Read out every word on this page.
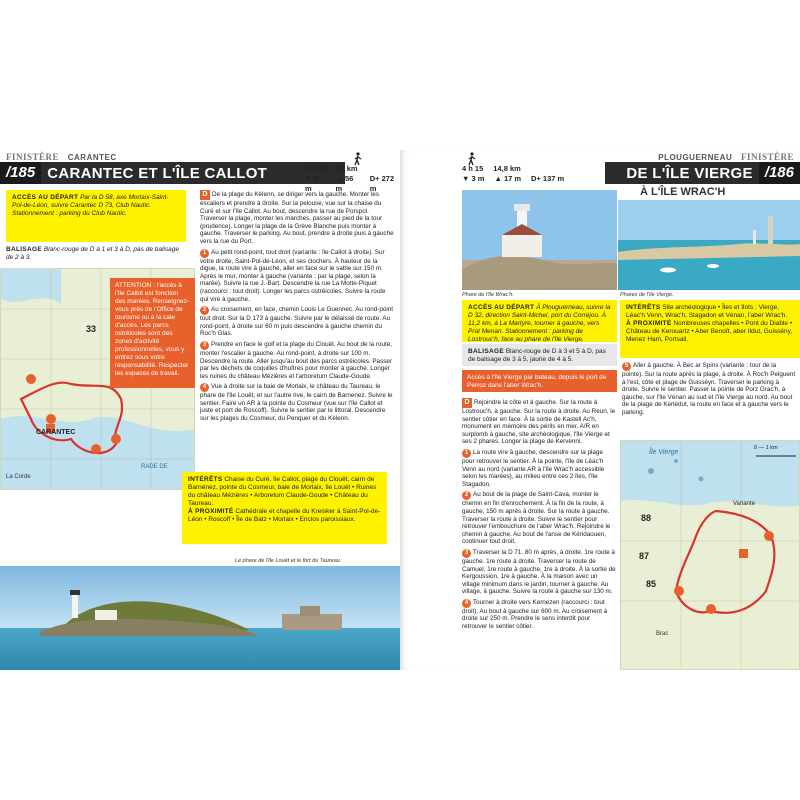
FINISTÈRE CARANTEC
/185 CARANTEC ET L'ÎLE CALLOT	3 h 45 12 km
▼ 3 m
▲ 56 m
D+ 272 m
ACCÈS AU DÉPART Par la D 58, axe Morlaix-Saint-Pol-de-Léon, suivre Carantec D 73, Club Nautic. Stationnement : parking du Club Nautic.
BALISAGE Blanc-rouge de D à 1 et 3 à D, pas de balisage de 2 à 3.
CARANTEC
33
RADE DE
La Corde
ATTENTION : l'accès à l'île Callot est fonction des marées. Renseignez-vous près de l'Office de tourisme ou à la cale d'accès. Les parcs ostréicoles sont des zones d'activité professionnelles, vous y entrez sous votre responsabilité. Respecter les espaces de travail.

D De la plage du Kélenn, se diriger vers la gauche. Monter les escaliers et prendre à droite. Sur la pelouse, vue sur la chaise du Curé et sur l'île Callot. Au bout, descendre la rue de Porspol. Traverser la plage, monter les marches, passer au pied de la tour (prudence). Longer la plage de la Grève Blanche puis monter à gauche. Traverser le parking. Au bout, prendre à droite puis à gauche vers la rue du Port.

1 Au petit rond-point, tout droit (variante : île Callot à droite). Sur votre droite, Saint-Pol-de-Léon, et ses clochers. À hauteur de la digue, la route vire à gauche, aller en face sur le sable sur 150 m. Après le mur, monter à gauche (variante : par la plage, selon la marée). Suivre la rue J.-Bart. Descendre la rue La Motte-Piquet (raccourci : tout droit). Longer les parcs ostréicoles. Suivre la route qui vire à gauche.

2 Au croisement, en face, chemin Louis Le Guennec. Au rond-point tout droit. Sur la D 173 à gauche. Suivre par le délaissé de route. Au rond-point, à droite sur 60 m puis descendre à gauche chemin du Roc'h Glas.

3 Prendre en face le golf et la plage du Clouët. Au bout de la route, monter l'escalier à gauche. Au rond-point, à droite sur 100 m. Descendre la route. Aller jusqu'au bout des parcs ostréicoles. Passer par les déchets de coquilles d'huîtres pour monter à gauche. Longer les ruines du château Mézières et l'arboretum Claude-Goude.

4 Vue à droite sur la baie de Morlaix, le château du Taureau, le phare de l'île Louët, et sur l'autre rive, le cairn de Barnenez. Suivre le sentier. Faire un AR à la pointe du Cosmeur (vue sur l'île Callot et juste et port de Roscoff). Suivre le sentier par le littoral. Descendre sur les plages du Cosmeur, du Penquer et du Kélenn.

INTÉRÊTS Chaise du Curé, île Callot, plage du Clouët, cairn de Barnénez, pointe du Cosmeur, baie de Morlaix, île Louët • Ruines du château Mézières • Arboretum Claude-Goude • Château du Taureau.
À PROXIMITÉ Cathédrale et chapelle du Kreisker à Saint-Pol-de-Léon • Roscoff • Île de Batz • Morlaix • Enclos paroissiaux.
Le phare de l'île Louët et le fort du Taureau.
PLOUGUERNEAU FINISTÈRE
4 h 15 14,8 km
▼ 3 m ▲ 17 m D+ 137 m	DE L'ÎLE VIERGE /186
À L'ÎLE WRAC'H
Phare de l'île Wrac'h.	Phares de l'île Vierge.
ACCÈS AU DÉPART À Plouguerneau, suivre la D 32, direction Saint-Michel, port du Corréjou. À 11,2 km, à La Martyre, tourner à gauche, vers Prat Menan. Stationnement : parking de Lostrouc'h, face au phare de l'île Vierge.
BALISAGE Blanc-rouge de D à 3 et 5 à D, pas de balisage de 3 à 5, jaune de 4 à 5.
Accès à l'île Vierge par bateau, depuis le port de Perroz dans l'aber Wrac'h.
INTÉRÊTS Site archéologique • Îles et îlots : Vierge, Léac'h Venn, Wrac'h, Stagadon et Vénan, l'aber Wrac'h.
À PROXIMITÉ Nombreuses chapelles • Pont du Diable • Château de Kerouartz • Aber Benoît, aber Ildut, Guissény, Menez Ham, Portsall.

D Rejoindre la côte et à gauche. Sur la route à Lostrouc'h, à gauche. Sur la route à droite. Au Reun, le sentier côtier en face. À la sortie de Kastell Ac'h, monument en mémoire des périls en mer. A/R en surplomb à gauche, site archéologique, l'île Vierge et ses 2 phares. Longer la plage de Kervenni.

1 La route vire à gauche, descendre sur la plage pour retrouver le sentier. À la pointe, l'île de Léac'h Venn au nord (variante AR à l'île Wrac'h accessible selon les marées), au milieu entre ces 2 îles, l'île Stagadon.

2 Au bout de la plage de Saint-Cava, monter le chemin en fin d'enrochement. À la fin de la route, à gauche, 150 m après à droite. Sur la route à gauche. Traverser la route à droite. Suivre le sentier pour retrouver l'embouchure de l'aber Wrac'h. Rejoindre le chemin à gauche. Au bout de l'anse de Kéridaouen, continuer tout droit.

3 Traverser la D 71. 80 m après, à droite. 1re route à gauche. 1re route à droite. Traverser la route de Camuel, 1re route à gauche, 1re à droite. À la sortie de Kergoussion, 1re à gauche. À la maison avec un village minimum dans le jardin, tourner à gauche. Au village, à gauche. Suivre la route à gauche sur 130 m.

4 Tourner à droite vers Kernezen (raccourci : tout droit). Au bout à gauche sur 600 m. Au croisement à droite sur 250 m. Prendre le sens interdit pour retrouver le sentier côtier.

5 Aller à gauche. À Bec ar Spins (variante : tour de la pointe). Sur la route après la plage, à droite. À Roc'h Pelguent à l'est, côte et plage de Guisséyn. Traverser le parking à droite. Suivre le sentier. Passer la pointe de Porz Grac'h, à gauche, sur l'île Vénan au sud et l'île Vierge au nord. Au bout de la plage de Kerlédut, la route en face et à gauche vers le parking.

Île Vierge
0 — 1 km
88
Variante
87
85
Brac
